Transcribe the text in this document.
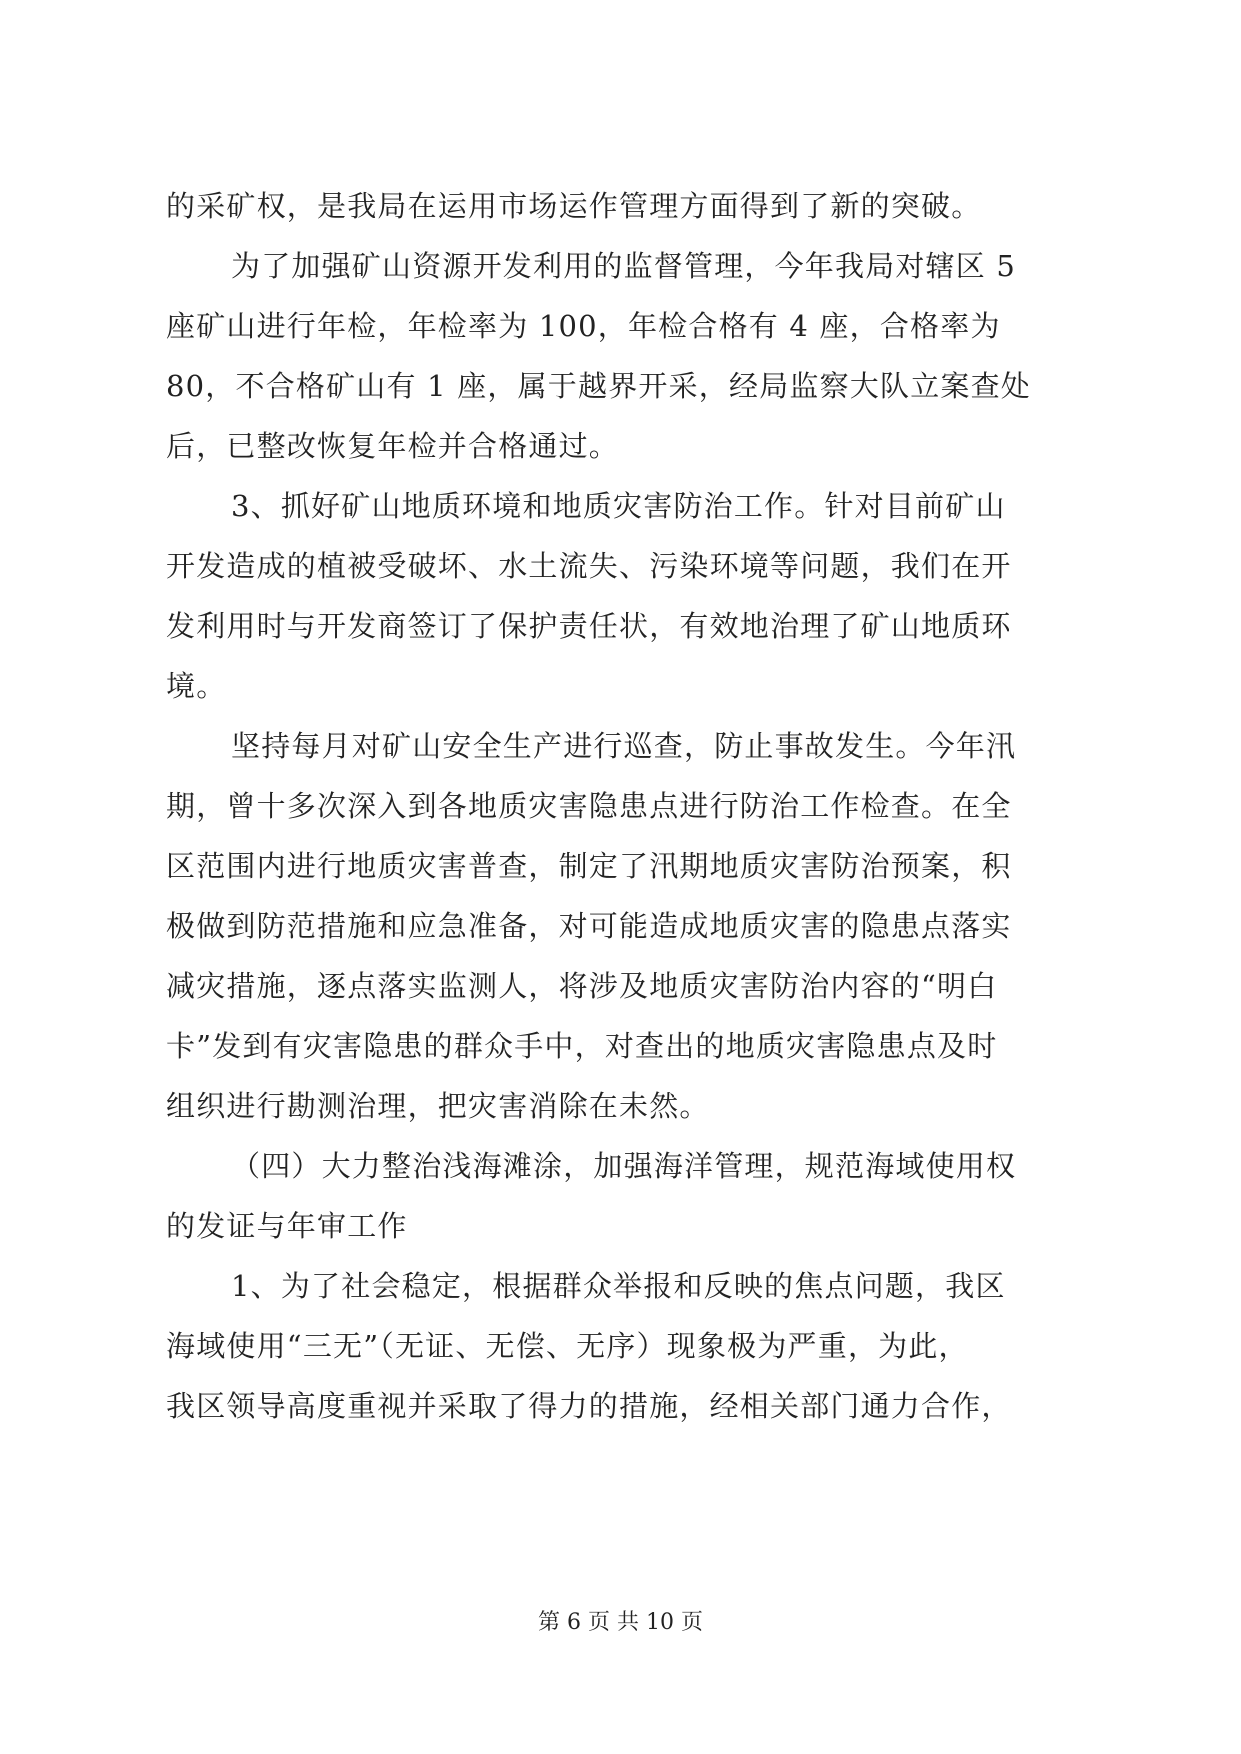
的采矿权，是我局在运用市场运作管理方面得到了新的突破。
为了加强矿山资源开发利用的监督管理，今年我局对辖区 5
座矿山进行年检，年检率为 100，年检合格有 4 座，合格率为
80，不合格矿山有 1 座，属于越界开采，经局监察大队立案查处
后，已整改恢复年检并合格通过。
3、抓好矿山地质环境和地质灾害防治工作。针对目前矿山
开发造成的植被受破坏、水土流失、污染环境等问题，我们在开
发利用时与开发商签订了保护责任状，有效地治理了矿山地质环
境。
坚持每月对矿山安全生产进行巡查，防止事故发生。今年汛
期，曾十多次深入到各地质灾害隐患点进行防治工作检查。在全
区范围内进行地质灾害普查，制定了汛期地质灾害防治预案，积
极做到防范措施和应急准备，对可能造成地质灾害的隐患点落实
减灾措施，逐点落实监测人，将涉及地质灾害防治内容的“明白
卡”发到有灾害隐患的群众手中，对查出的地质灾害隐患点及时
组织进行勘测治理，把灾害消除在未然。
（四）大力整治浅海滩涂，加强海洋管理，规范海域使用权
的发证与年审工作
1、为了社会稳定，根据群众举报和反映的焦点问题，我区
海域使用“三无”（无证、无偿、无序）现象极为严重，为此，
我区领导高度重视并采取了得力的措施，经相关部门通力合作，
第 6 页 共 10 页
